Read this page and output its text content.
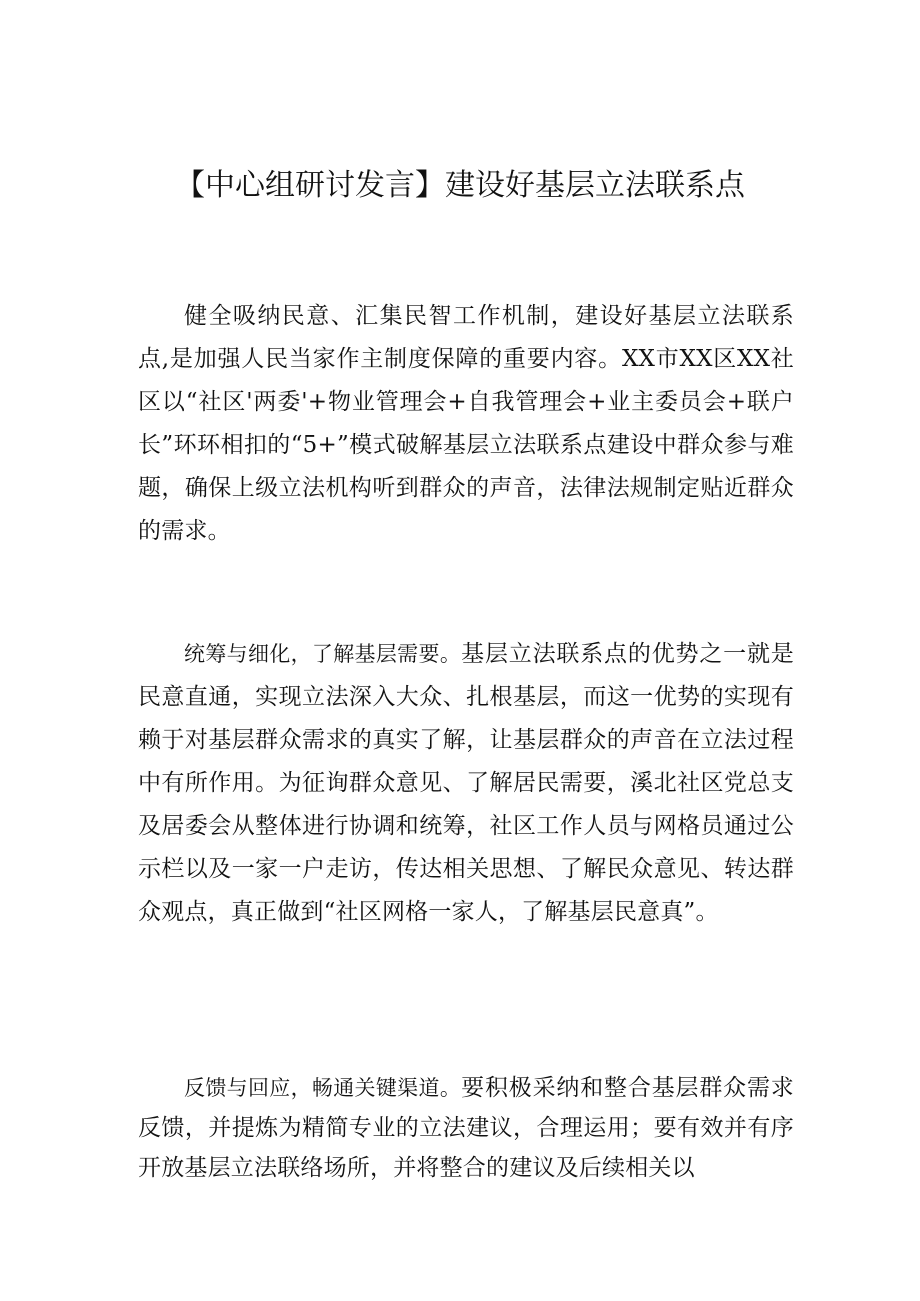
【中心组研讨发言】建设好基层立法联系点

健全吸纳民意、汇集民智工作机制，建设好基层立法联系点,是加强人民当家作主制度保障的重要内容。XX市XX区XX社区以“社区'两委'+物业管理会+自我管理会+业主委员会+联户长”环环相扣的“5+”模式破解基层立法联系点建设中群众参与难题，确保上级立法机构听到群众的声音，法律法规制定贴近群众的需求。

统筹与细化，了解基层需要。基层立法联系点的优势之一就是民意直通，实现立法深入大众、扎根基层，而这一优势的实现有赖于对基层群众需求的真实了解，让基层群众的声音在立法过程中有所作用。为征询群众意见、了解居民需要，溪北社区党总支及居委会从整体进行协调和统筹，社区工作人员与网格员通过公示栏以及一家一户走访，传达相关思想、了解民众意见、转达群众观点，真正做到“社区网格一家人，了解基层民意真”。

反馈与回应，畅通关键渠道。要积极采纳和整合基层群众需求反馈，并提炼为精简专业的立法建议，合理运用；要有效并有序开放基层立法联络场所，并将整合的建议及后续相关以
